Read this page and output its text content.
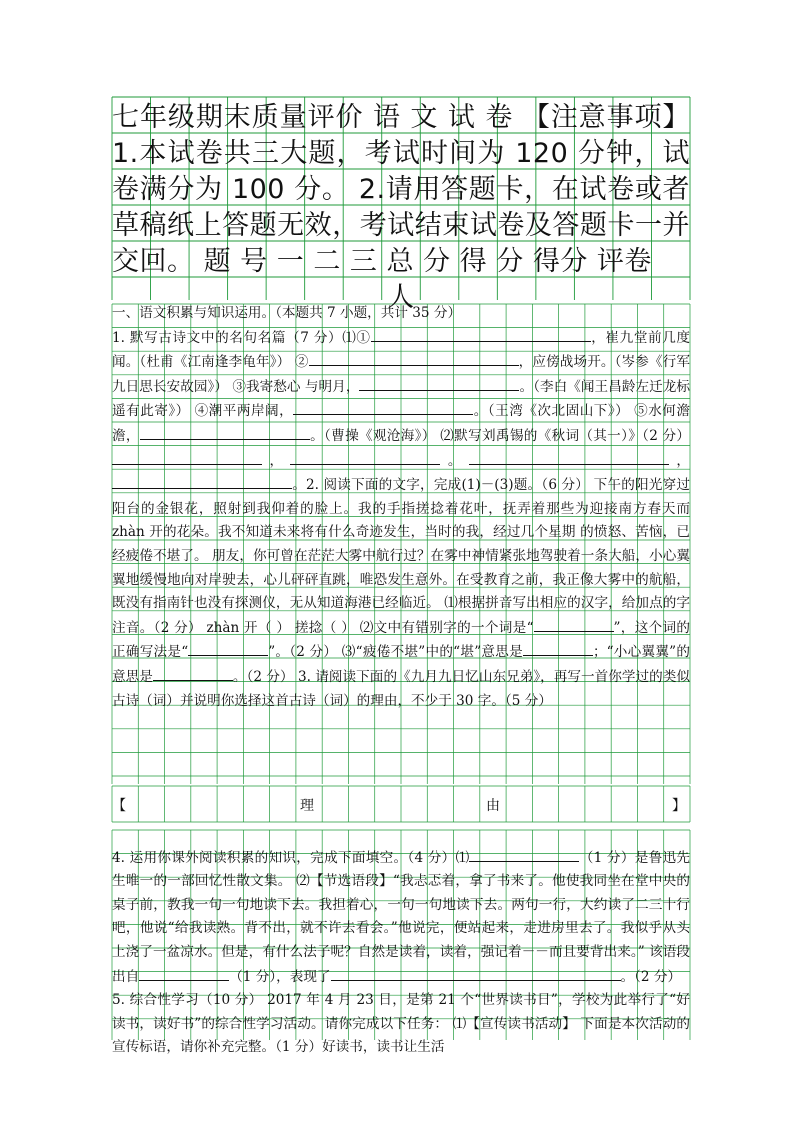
七年级期末质量评价 语 文 试 卷 【注意事项】1.本试卷共三大题，考试时间为 120 分钟，试卷满分为 100 分。 2.请用答题卡，在试卷或者草稿纸上答题无效，考试结束试卷及答题卡一并交回。 题 号 一 二 三 总 分 得 分 得分 评卷
人

一、语文积累与知识运用。（本题共 7 小题，共计 35 分）
1. 默写古诗文中的名句名篇（7 分）⑴①	，崔九堂前几度闻。（杜甫《江南逢李龟年》） ②	，应傍战场开。（岑参《行军九日思长安故园》） ③我寄愁心 与明月，	。（李白《闻王昌龄左迁龙标遥有此寄》） ④潮平两岸阔，	。（王湾《次北固山下》） ⑤水何澹澹，	。（曹操《观沧海》） ⑵默写刘禹锡的《秋词（其一）》（2 分），	。	，。2. 阅读下面的文字，完成(1)－(3)题。（6 分） 下午的阳光穿过阳台的金银花，照射到我仰着的脸上。我的手指搓捻着花叶，抚弄着那些为迎接南方春天而 zhàn 开的花朵。我不知道未来将有什么奇迹发生，当时的我，经过几个星期 的愤怒、苦恼，已经疲倦不堪了。 朋友，你可曾在茫茫大雾中航行过？在雾中神情紧张地驾驶着一条大船，小心翼翼地缓慢地向对岸驶去，心儿砰砰直跳，唯恐发生意外。在受教育之前，我正像大雾中的航船，既没有指南针也没有探测仪，无从知道海港已经临近。 ⑴根据拼音写出相应的汉字，给加点的字注音。（2 分） zhàn 开（ ） 搓捻（ ） ⑵文中有错别字的一个词是“	”，这个词的正确写法是“	”。（2 分） ⑶“疲倦不堪”中的“堪”意思是	；“小心翼翼”的意思是	。（2 分） 3. 请阅读下面的《九月九日忆山东兄弟》，再写一首你学过的类似古诗（词）并说明你选择这首古诗（词）的理由，不少于 30 字。（5 分）

【	理	由	】

4. 运用你课外阅读积累的知识，完成下面填空。（4 分）⑴	（1 分）是鲁迅先生唯一的一部回忆性散文集。 ⑵【节选语段】“我忐忑着，拿了书来了。他使我同坐在堂中央的桌子前，教我一句一句地读下去。我担着心，一句一句地读下去。两句一行，大约读了二三十行吧，他说“给我读熟。背不出，就不许去看会。”他说完，便站起来，走进房里去了。我似乎从头上浇了一盆凉水。但是，有什么法子呢？自然是读着，读着，强记着－－而且要背出来。” 该语段出自	（1 分），表现了	。（2 分）
5. 综合性学习（10 分） 2017 年 4 月 23 日，是第 21 个“世界读书日”，学校为此举行了“好读书，读好书”的综合性学习活动。请你完成以下任务： ⑴【宣传读书活动】 下面是本次活动的宣传标语，请你补充完整。（1 分）好读书，读书让生活
